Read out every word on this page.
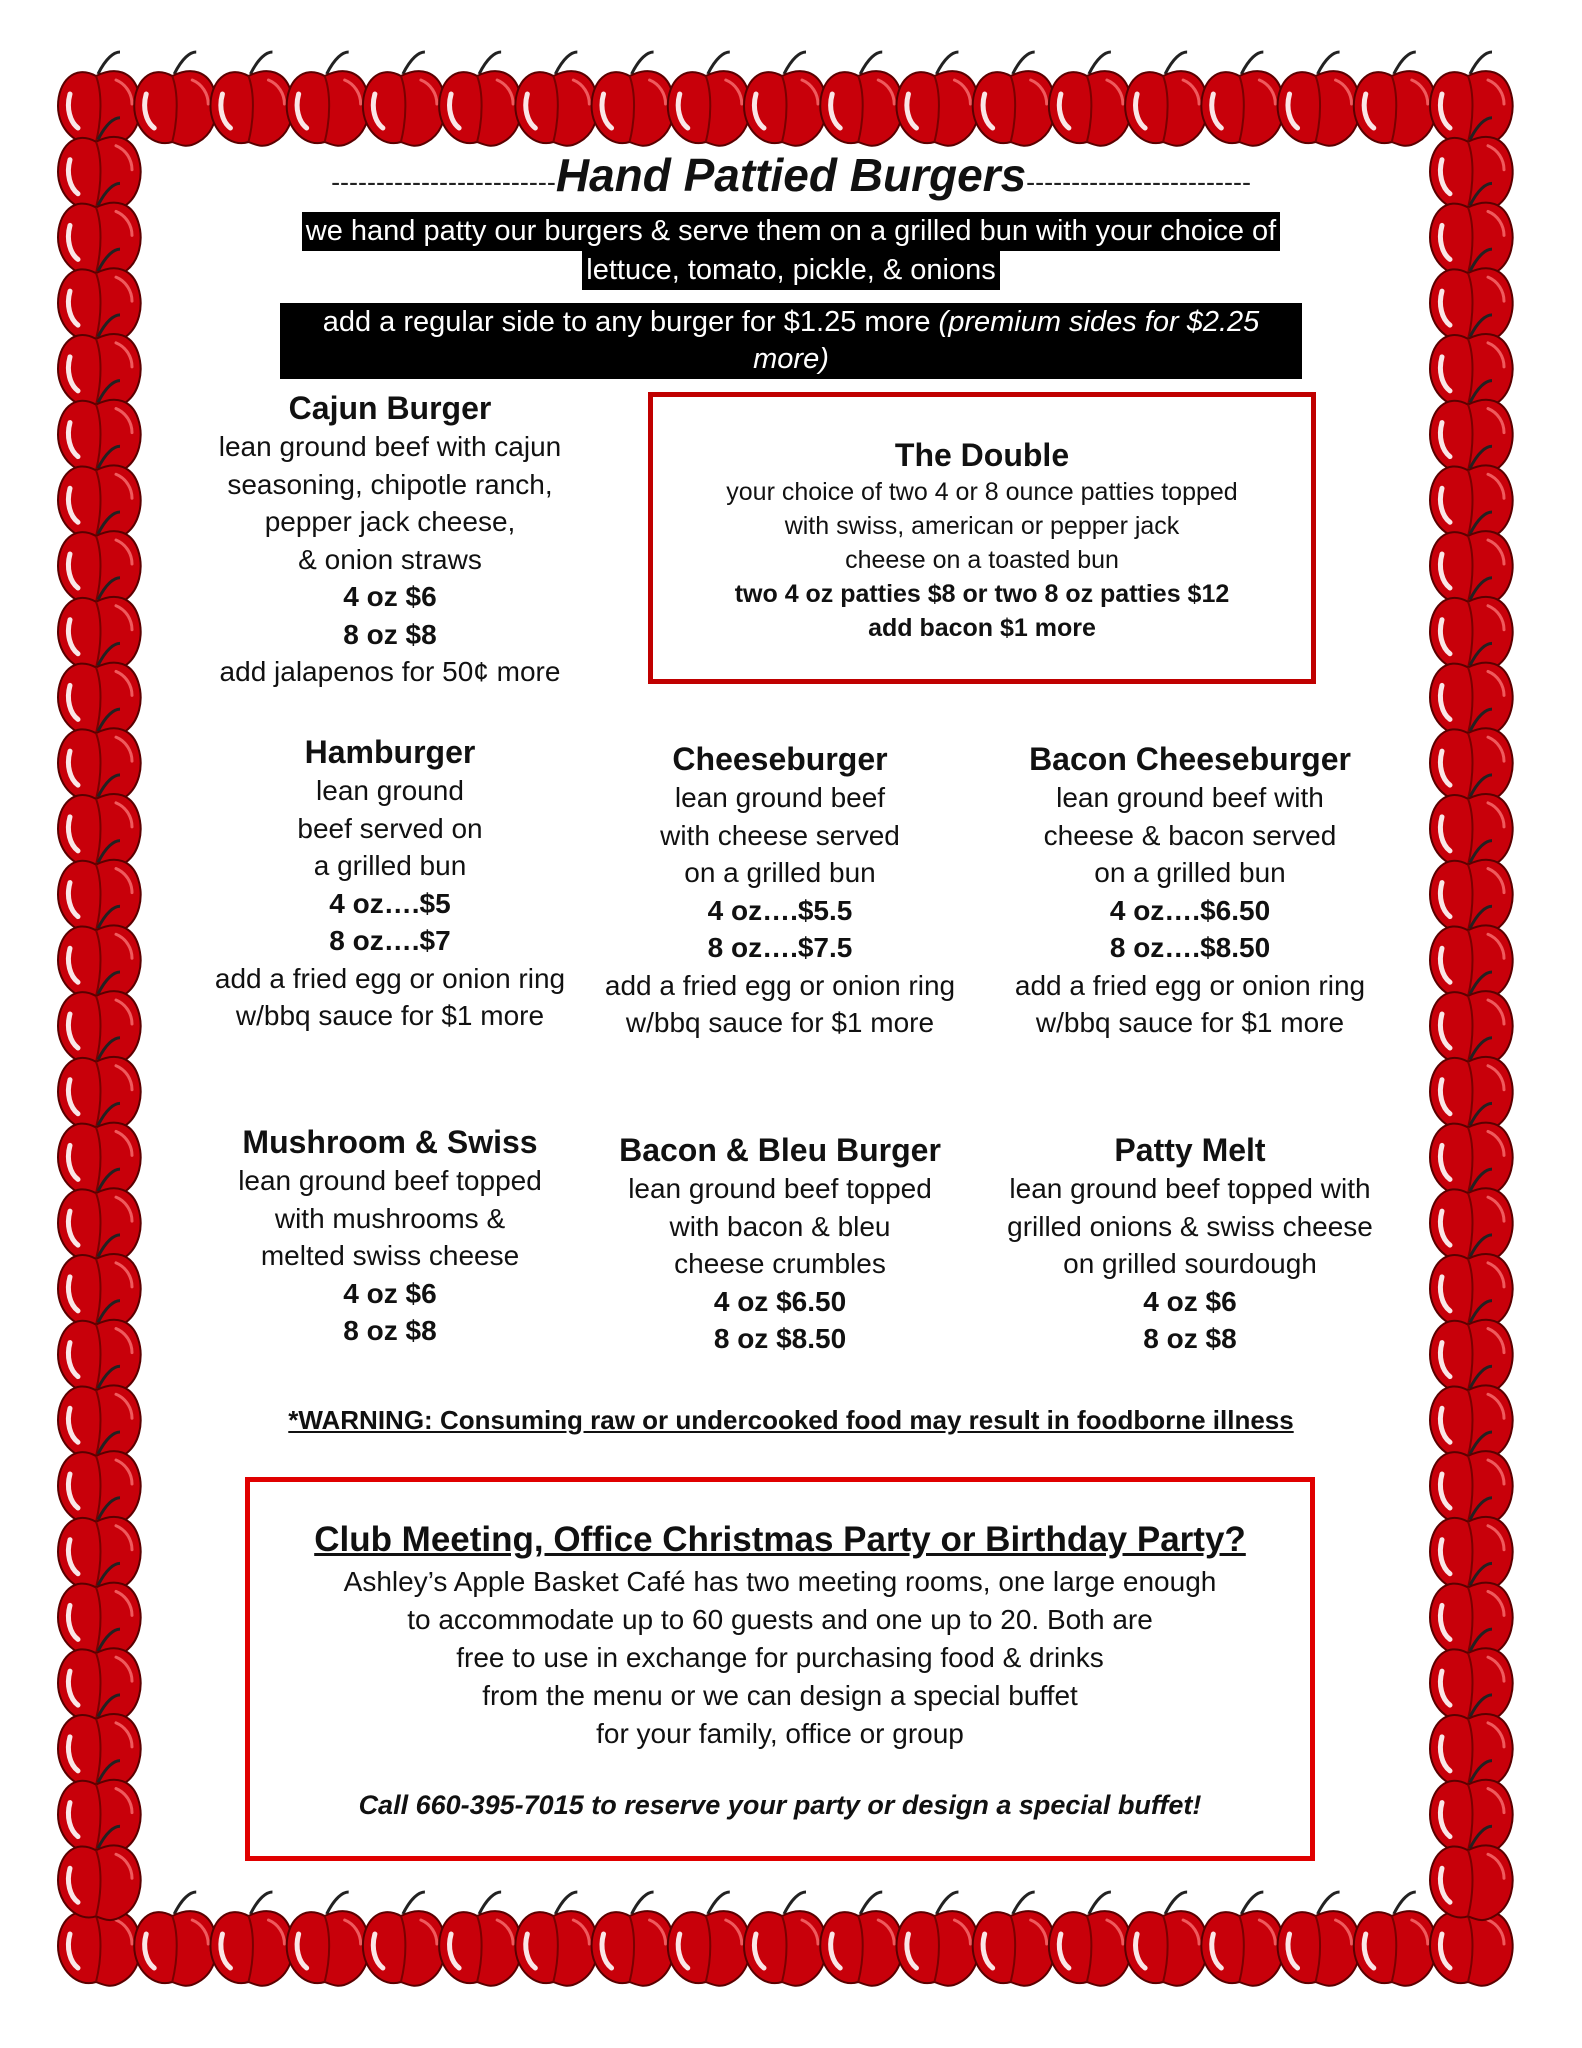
-------------------------Hand Pattied Burgers-------------------------
we hand patty our burgers & serve them on a grilled bun with your choice of
lettuce, tomato, pickle, & onions
add a regular side to any burger for $1.25 more (premium sides for $2.25 more)
Cajun Burger
lean ground beef with cajun
seasoning, chipotle ranch,
pepper jack cheese,
& onion straws
4 oz $6
8 oz $8
add jalapenos for 50¢ more
The Double
your choice of two 4 or 8 ounce patties topped
with swiss, american or pepper jack
cheese on a toasted bun
two 4 oz patties $8 or two 8 oz patties $12
add bacon $1 more
Hamburger
lean ground
beef served on
a grilled bun
4 oz….$5
8 oz….$7
add a fried egg or onion ring
w/bbq sauce for $1 more
Cheeseburger
lean ground beef
with cheese served
on a grilled bun
4 oz….$5.5
8 oz….$7.5
add a fried egg or onion ring
w/bbq sauce for $1 more
Bacon Cheeseburger
lean ground beef with
cheese & bacon served
on a grilled bun
4 oz….$6.50
8 oz….$8.50
add a fried egg or onion ring
w/bbq sauce for $1 more
Mushroom & Swiss
lean ground beef topped
with mushrooms &
melted swiss cheese
4 oz $6
8 oz $8
Bacon & Bleu Burger
lean ground beef topped
with bacon & bleu
cheese crumbles
4 oz $6.50
8 oz $8.50
Patty Melt
lean ground beef topped with
grilled onions & swiss cheese
on grilled sourdough
4 oz $6
8 oz $8
*WARNING: Consuming raw or undercooked food may result in foodborne illness
Club Meeting, Office Christmas Party or Birthday Party?
Ashley’s Apple Basket Café has two meeting rooms, one large enough
to accommodate up to 60 guests and one up to 20. Both are
free to use in exchange for purchasing food & drinks
from the menu or we can design a special buffet
for your family, office or group
Call 660-395-7015 to reserve your party or design a special buffet!
